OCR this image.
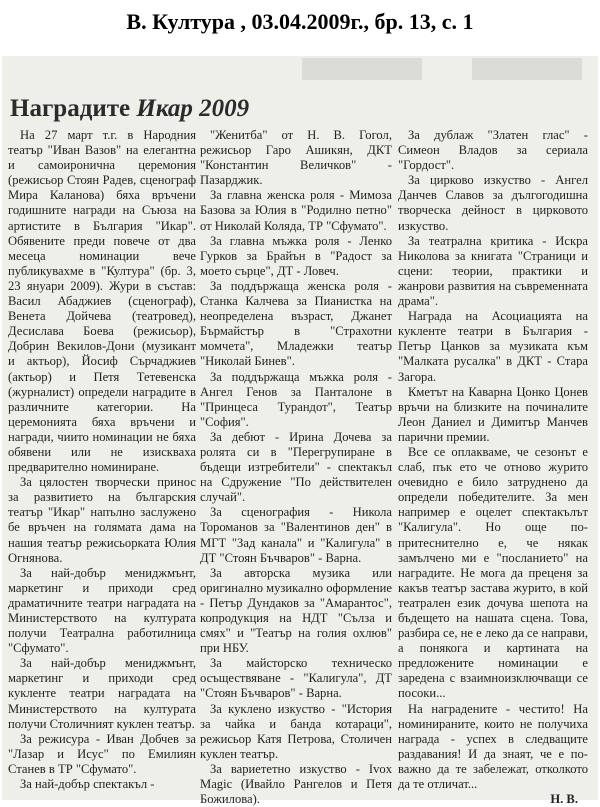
В. Култура , 03.04.2009г., бр. 13, с. 1
Наградите Икар 2009

На 27 март т.г. в Народния театър "Иван Вазов" на елегантна и самоиронична церемония (режисьор Стоян Радев, сценограф Мира Каланова) бяха връчени годишните награди на Съюза на артистите в България "Икар". Обявените преди повече от два месеца номинации вече публикувахме в "Култура" (бр. 3, 23 януари 2009). Жури в състав: Васил Абаджиев (сценограф), Венета Дойчева (театровед), Десислава Боева (режисьор), Добрин Векилов-Дони (музикант и актьор), Йосиф Сърчаджиев (актьор) и Петя Тетевенска (журналист) определи наградите в различните категории. На церемонията бяха връчени и награди, чиито номинации не бяха обявени или не изискваха предварително номиниране.

За цялостен творчески принос за развитието на българския театър "Икар" напълно заслужено бе връчен на голямата дама на нашия театър режисьорката Юлия Огнянова.

За най-добър мениджмънт, маркетинг и приходи сред драматичните театри наградата на Министерството на културата получи Театрална работилница "Сфумато".

За най-добър мениджмънт, маркетинг и приходи сред кукленте театри наградата на Министерството на културата получи Столичният куклен театър.

За режисура - Иван Добчев за "Лазар и Исус" по Емилиян Станев в ТР "Сфумато".

За най-добър спектакъл -

"Женитба" от Н. В. Гогол, режисьор Гаро Ашикян, ДКТ "Константин Величков" - Пазарджик.

За главна женска роля - Мимоза Базова за Юлия в "Родилно петно" от Николай Коляда, ТР "Сфумато".

За главна мъжка роля - Ленко Гурков за Брайън в "Радост за моето сърце", ДТ - Ловеч.

За поддържаща женска роля - Станка Калчева за Пианистка на неопределена възраст, Джанет Бърмайстър в "Страхотни момчета", Младежки театър "Николай Бинев".

За поддържаща мъжка роля - Ангел Генов за Панталоне в "Принцеса Турандот", Театър "София".

За дебют - Ирина Дочева за ролята си в "Перегрупиране в бъдещи изтребители" - спектакъл на Сдружение "По действителен случай".

За сценография - Никола Тороманов за "Валентинов ден" в МГТ "Зад канала" и "Калигула" в ДТ "Стоян Бъчваров" - Варна.

За авторска музика или оригинално музикално оформление - Петър Дундаков за "Амарантос", копродукция на НДТ "Сълза и смях" и "Театър на голия охлюв" при НБУ.

За майсторско техническо осъществяване - "Калигула", ДТ "Стоян Бъчваров" - Варна.

За куклено изкуство - "История за чайка и банда котараци", режисьор Катя Петрова, Столичен куклен театър.

За вариететно изкуство - Ivox Magic (Ивайло Рангелов и Петя Божилова).

За дублаж "Златен глас" - Симеон Владов за сериала "Гордост".

За цирково изкуство - Ангел Данчев Славов за дългогодишна творческа дейност в цирковото изкуство.

За театрална критика - Искра Николова за книгата "Страници и сцени: теории, практики и жанрови развития на съвременната драма".

Награда на Асоциацията на кукленте театри в България - Петър Цанков за музиката към "Малката русалка" в ДКТ - Стара Загора.

Кметът на Каварна Цонко Цонев връчи на близките на починалите Леон Даниел и Димитър Манчев парични премии.

Все се оплакваме, че сезонът е слаб, пък ето че отново журито очевидно е било затруднено да определи победителите. За мен например е оцелет спектакълът "Калигула". Но още по-притеснително е, че някак замълчено ми е "посланието" на наградите. Не мога да преценя за какъв театър застава журито, в кой театрален език дочува шепота на бъдещето на нашата сцена. Това, разбира се, не е леко да се направи, а понякога и картината на предложените номинации е заредена с взаимноизключващи се посоки...

На наградените - честито! На номинираните, които не получиха награда - успех в следващите раздавания! И да знаят, че е по-важно да те забележат, отколкото да те отличат...

Н. В.
